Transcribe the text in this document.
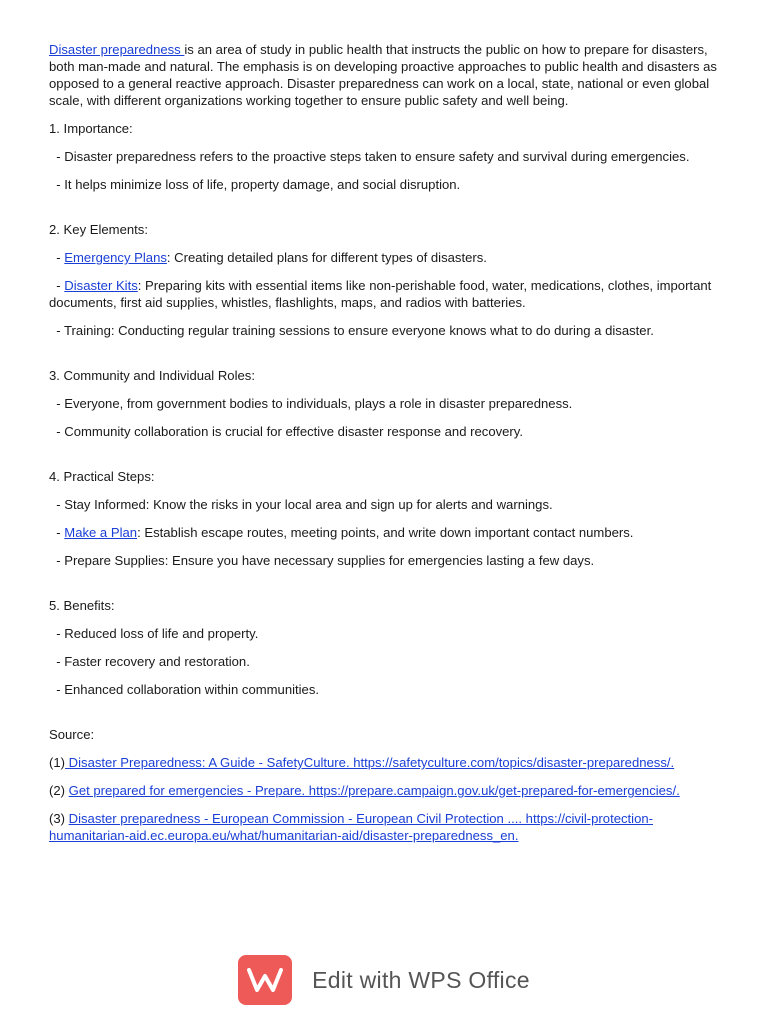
Disaster preparedness is an area of study in public health that instructs the public on how to prepare for disasters, both man-made and natural. The emphasis is on developing proactive approaches to public health and disasters as opposed to a general reactive approach. Disaster preparedness can work on a local, state, national or even global scale, with different organizations working together to ensure public safety and well being.

1. Importance:

- Disaster preparedness refers to the proactive steps taken to ensure safety and survival during emergencies.

- It helps minimize loss of life, property damage, and social disruption.

2. Key Elements:

- Emergency Plans: Creating detailed plans for different types of disasters.

- Disaster Kits: Preparing kits with essential items like non-perishable food, water, medications, clothes, important documents, first aid supplies, whistles, flashlights, maps, and radios with batteries.

- Training: Conducting regular training sessions to ensure everyone knows what to do during a disaster.

3. Community and Individual Roles:

- Everyone, from government bodies to individuals, plays a role in disaster preparedness.

- Community collaboration is crucial for effective disaster response and recovery.

4. Practical Steps:

- Stay Informed: Know the risks in your local area and sign up for alerts and warnings.

- Make a Plan: Establish escape routes, meeting points, and write down important contact numbers.

- Prepare Supplies: Ensure you have necessary supplies for emergencies lasting a few days.

5. Benefits:

- Reduced loss of life and property.

- Faster recovery and restoration.

- Enhanced collaboration within communities.

Source:

(1) Disaster Preparedness: A Guide - SafetyCulture. https://safetyculture.com/topics/disaster-preparedness/.

(2) Get prepared for emergencies - Prepare. https://prepare.campaign.gov.uk/get-prepared-for-emergencies/.

(3) Disaster preparedness - European Commission - European Civil Protection .... https://civil-protection-humanitarian-aid.ec.europa.eu/what/humanitarian-aid/disaster-preparedness_en.

Edit with WPS Office
